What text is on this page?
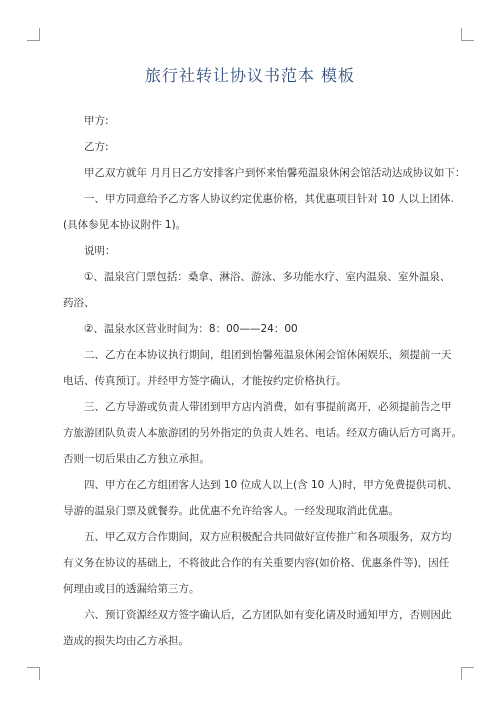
旅行社转让协议书范本 模板

甲方:

乙方:

甲乙双方就年 月月日乙方安排客户到怀来怡馨苑温泉休闲会馆活动达成协议如下：

一、甲方同意给予乙方客人协议约定优惠价格，其优惠项目针对 10 人以上团体.
(具体参见本协议附件 1)。

说明：

①、温泉宫门票包括：桑拿、淋浴、游泳、多功能水疗、室内温泉、室外温泉、
药浴、

②、温泉水区营业时间为：8：00——24：00

二、乙方在本协议执行期间，组团到怡馨苑温泉休闲会馆休闲娱乐，须提前一天
电话、传真预订。并经甲方签字确认，才能按约定价格执行。

三、乙方导游或负责人带团到甲方店内消费，如有事提前离开，必须提前告之甲
方旅游团队负责人本旅游团的另外指定的负责人姓名、电话。经双方确认后方可离开。
否则一切后果由乙方独立承担。

四、甲方在乙方组团客人达到 10 位成人以上(含 10 人)时，甲方免费提供司机、
导游的温泉门票及就餐券。此优惠不允许给客人。一经发现取消此优惠。

五、甲乙双方合作期间，双方应积极配合共同做好宣传推广和各项服务，双方均
有义务在协议的基础上，不将彼此合作的有关重要内容(如价格、优惠条件等)，因任
何理由或目的透漏给第三方。

六、预订资源经双方签字确认后，乙方团队如有变化请及时通知甲方，否则因此
造成的损失均由乙方承担。
